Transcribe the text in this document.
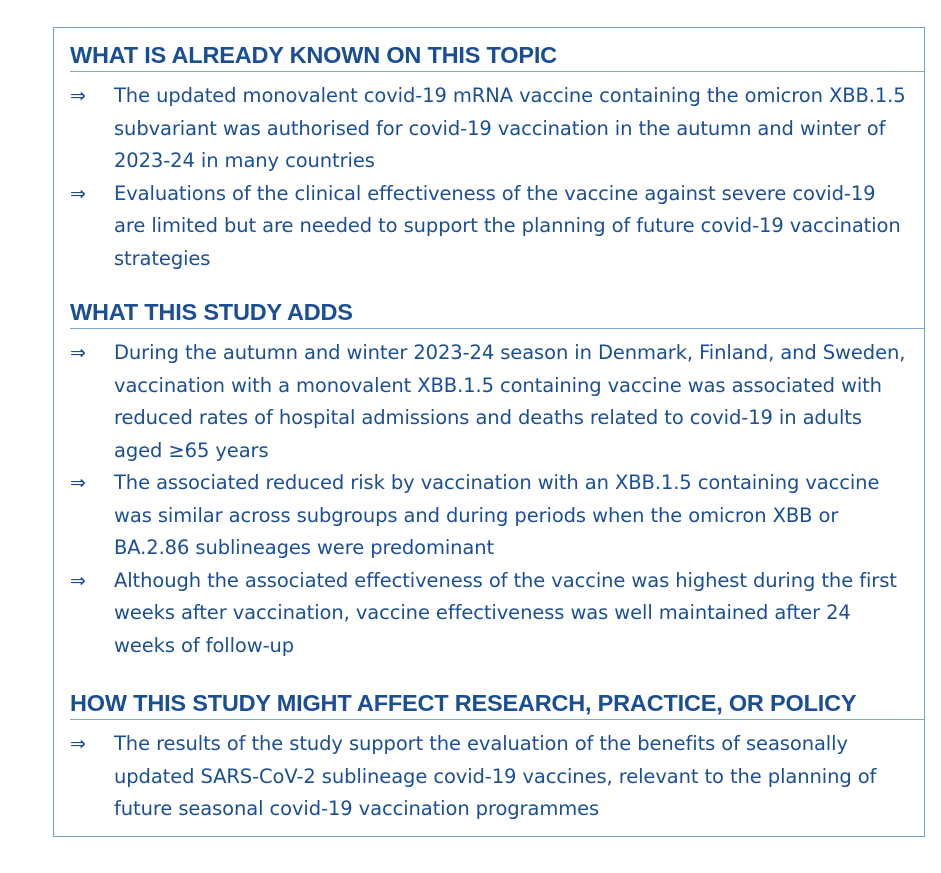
WHAT IS ALREADY KNOWN ON THIS TOPIC
⇒ The updated monovalent covid-19 mRNA vaccine containing the omicron XBB.1.5 subvariant was authorised for covid-19 vaccination in the autumn and winter of 2023-24 in many countries
⇒ Evaluations of the clinical effectiveness of the vaccine against severe covid-19 are limited but are needed to support the planning of future covid-19 vaccination strategies
WHAT THIS STUDY ADDS
⇒ During the autumn and winter 2023-24 season in Denmark, Finland, and Sweden, vaccination with a monovalent XBB.1.5 containing vaccine was associated with reduced rates of hospital admissions and deaths related to covid-19 in adults aged ≥65 years
⇒ The associated reduced risk by vaccination with an XBB.1.5 containing vaccine was similar across subgroups and during periods when the omicron XBB or BA.2.86 sublineages were predominant
⇒ Although the associated effectiveness of the vaccine was highest during the first weeks after vaccination, vaccine effectiveness was well maintained after 24 weeks of follow-up
HOW THIS STUDY MIGHT AFFECT RESEARCH, PRACTICE, OR POLICY
⇒ The results of the study support the evaluation of the benefits of seasonally updated SARS-CoV-2 sublineage covid-19 vaccines, relevant to the planning of future seasonal covid-19 vaccination programmes
